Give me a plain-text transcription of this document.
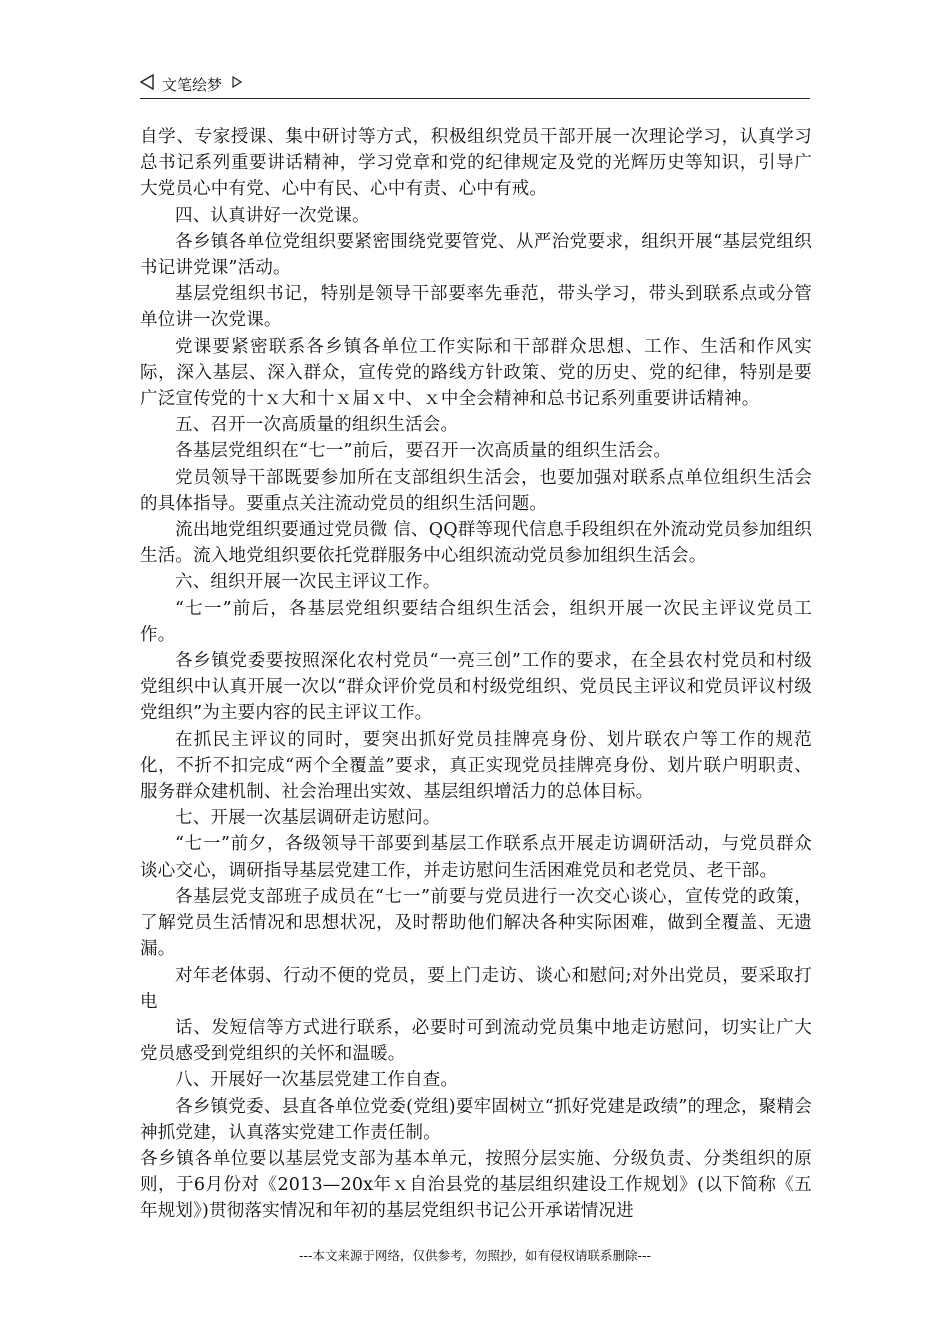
文笔绘梦

自学、专家授课、集中研讨等方式，积极组织党员干部开展一次理论学习，认真学习总书记系列重要讲话精神，学习党章和党的纪律规定及党的光辉历史等知识，引导广大党员心中有党、心中有民、心中有责、心中有戒。

四、认真讲好一次党课。

各乡镇各单位党组织要紧密围绕党要管党、从严治党要求，组织开展“基层党组织书记讲党课”活动。

基层党组织书记，特别是领导干部要率先垂范，带头学习，带头到联系点或分管单位讲一次党课。

党课要紧密联系各乡镇各单位工作实际和干部群众思想、工作、生活和作风实际，深入基层、深入群众，宣传党的路线方针政策、党的历史、党的纪律，特别是要广泛宣传党的十ｘ大和十ｘ届ｘ中、ｘ中全会精神和总书记系列重要讲话精神。

五、召开一次高质量的组织生活会。

各基层党组织在“七一”前后，要召开一次高质量的组织生活会。

党员领导干部既要参加所在支部组织生活会，也要加强对联系点单位组织生活会的具体指导。要重点关注流动党员的组织生活问题。

流出地党组织要通过党员微 信、QQ群等现代信息手段组织在外流动党员参加组织生活。流入地党组织要依托党群服务中心组织流动党员参加组织生活会。

六、组织开展一次民主评议工作。

“七一”前后，各基层党组织要结合组织生活会，组织开展一次民主评议党员工作。

各乡镇党委要按照深化农村党员“一亮三创”工作的要求，在全县农村党员和村级党组织中认真开展一次以“群众评价党员和村级党组织、党员民主评议和党员评议村级党组织”为主要内容的民主评议工作。

在抓民主评议的同时，要突出抓好党员挂牌亮身份、划片联农户等工作的规范化，不折不扣完成“两个全覆盖”要求，真正实现党员挂牌亮身份、划片联户明职责、服务群众建机制、社会治理出实效、基层组织增活力的总体目标。

七、开展一次基层调研走访慰问。

“七一”前夕，各级领导干部要到基层工作联系点开展走访调研活动，与党员群众谈心交心，调研指导基层党建工作，并走访慰问生活困难党员和老党员、老干部。

各基层党支部班子成员在“七一”前要与党员进行一次交心谈心，宣传党的政策，了解党员生活情况和思想状况，及时帮助他们解决各种实际困难，做到全覆盖、无遗漏。

对年老体弱、行动不便的党员，要上门走访、谈心和慰问;对外出党员，要采取打电

话、发短信等方式进行联系，必要时可到流动党员集中地走访慰问，切实让广大党员感受到党组织的关怀和温暖。

八、开展好一次基层党建工作自查。

各乡镇党委、县直各单位党委(党组)要牢固树立“抓好党建是政绩”的理念，聚精会神抓党建，认真落实党建工作责任制。

各乡镇各单位要以基层党支部为基本单元，按照分层实施、分级负责、分类组织的原则，于6月份对《2013—20x年ｘ自治县党的基层组织建设工作规划》(以下简称《五年规划》)贯彻落实情况和年初的基层党组织书记公开承诺情况进

---本文来源于网络，仅供参考，勿照抄，如有侵权请联系删除---
